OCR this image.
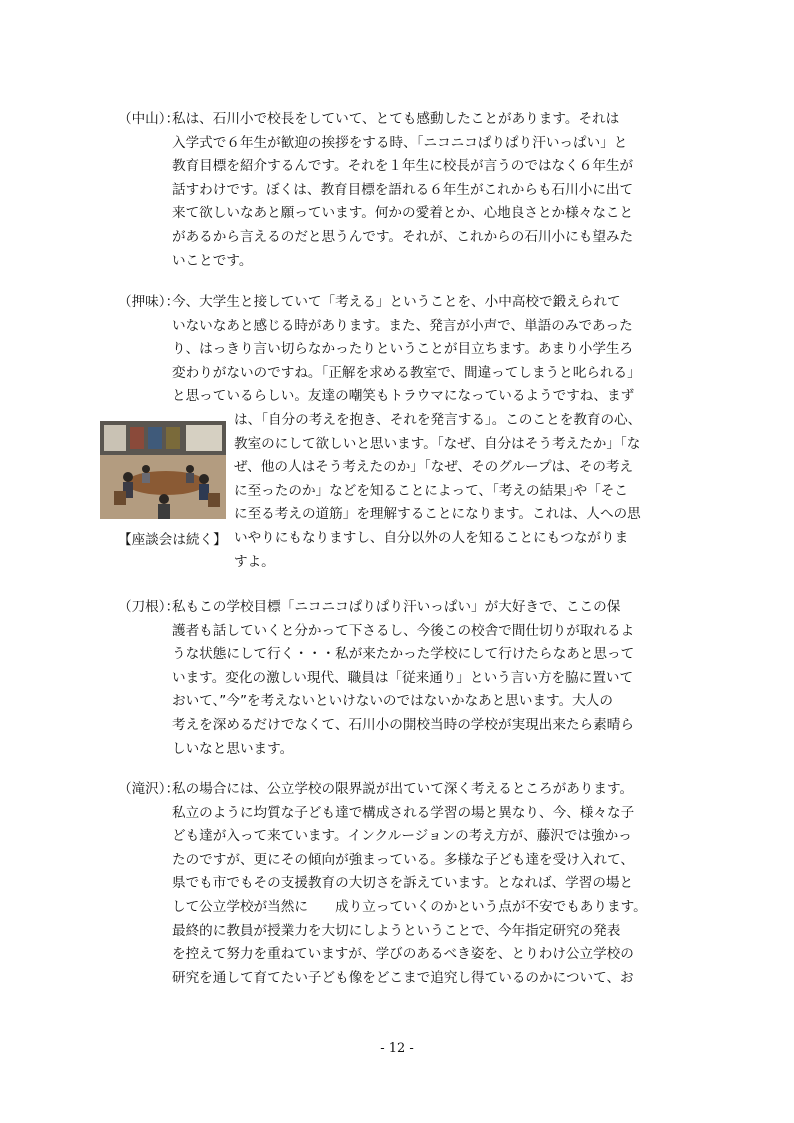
（中山）：
私は、石川小で校長をしていて、とても感動したことがあります。それは
入学式で６年生が歓迎の挨拶をする時、「ニコニコぱりぱり汗いっぱい」と
教育目標を紹介するんです。それを１年生に校長が言うのではなく６年生が
話すわけです。ぼくは、教育目標を語れる６年生がこれからも石川小に出て
来て欲しいなあと願っています。何かの愛着とか、心地良さとか様々なこと
があるから言えるのだと思うんです。それが、これからの石川小にも望みた
いことです。
（押味）：
今、大学生と接していて「考える」ということを、小中高校で鍛えられて
いないなあと感じる時があります。また、発言が小声で、単語のみであった
り、はっきり言い切らなかったりということが目立ちます。あまり小学生ろ
変わりがないのですね。｢正解を求める教室で、間違ってしまうと叱られる｣
と思っているらしい。友達の嘲笑もトラウマになっているようですね、まず
は、「自分の考えを抱き、それを発言する」。このことを教育の心、
教室のにして欲しいと思います。｢なぜ、自分はそう考えたか｣「な
ぜ、他の人はそう考えたのか」｢なぜ、そのグループは、その考え
に至ったのか」などを知ることによって、｢考えの結果｣や「そこ
に至る考えの道筋」を理解することになります。これは、人への思
いやりにもなりますし、自分以外の人を知ることにもつながりま
すよ。
【座談会は続く】
（刀根）：
私もこの学校目標「ニコニコぱりぱり汗いっぱい」が大好きで、ここの保
護者も話していくと分かって下さるし、今後この校舎で間仕切りが取れるよ
うな状態にして行く・・・私が来たかった学校にして行けたらなあと思って
います。変化の激しい現代、職員は「従来通り」という言い方を脇に置いて
おいて、”今”を考えないといけないのではないかなあと思います。大人の
考えを深めるだけでなくて、石川小の開校当時の学校が実現出来たら素晴ら
しいなと思います。
（滝沢）：
私の場合には、公立学校の限界説が出ていて深く考えるところがあります。
私立のように均質な子ども達で構成される学習の場と異なり、今、様々な子
ども達が入って来ています。インクルージョンの考え方が、藤沢では強かっ
たのですが、更にその傾向が強まっている。多様な子ども達を受け入れて、
県でも市でもその支援教育の大切さを訴えています。となれば、学習の場と
して公立学校が当然に　　成り立っていくのかという点が不安でもあります。
最終的に教員が授業力を大切にしようということで、今年指定研究の発表
を控えて努力を重ねていますが、学びのあるべき姿を、とりわけ公立学校の
研究を通して育てたい子ども像をどこまで追究し得ているのかについて、お
- 12 -
